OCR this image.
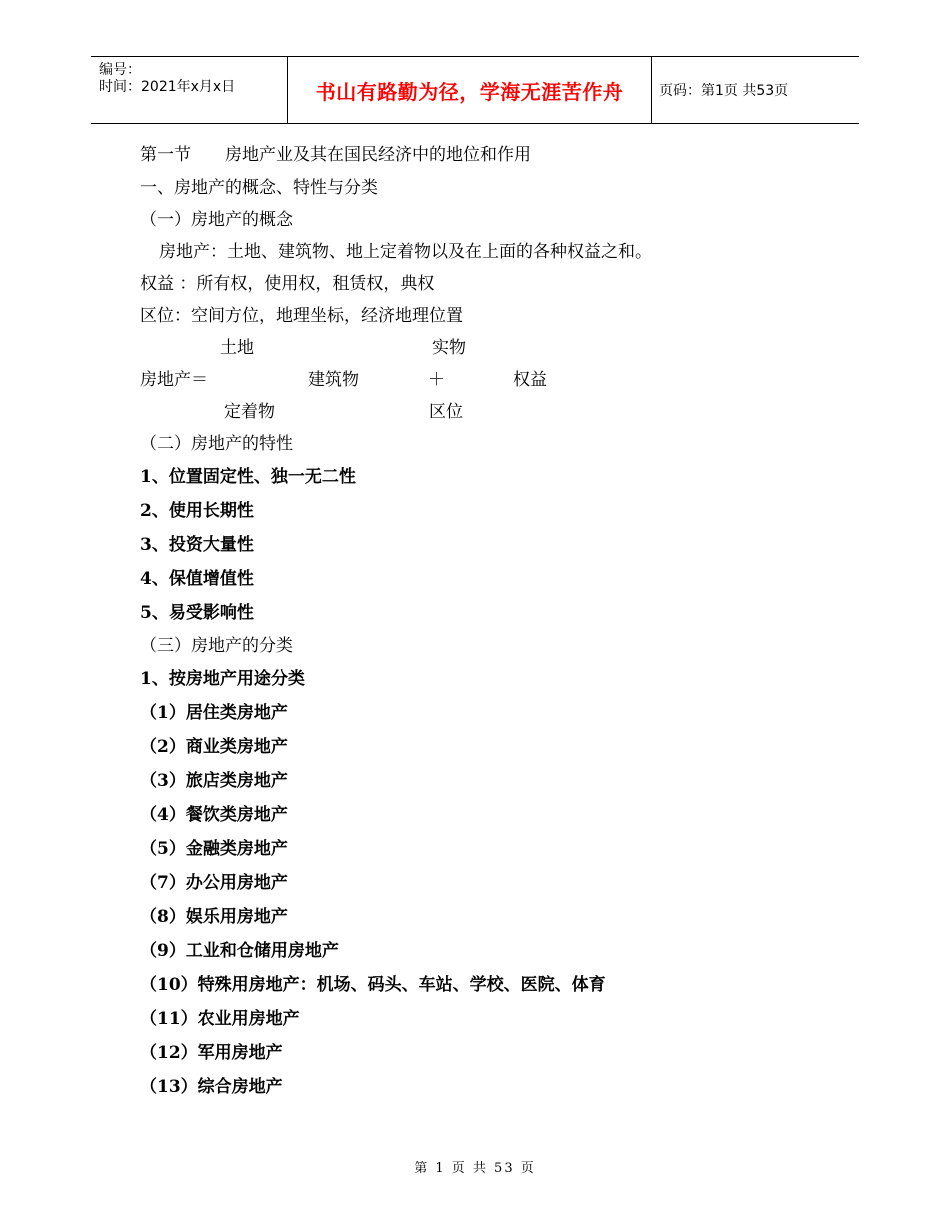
编号：
时间：2021年x月x日	书山有路勤为径，学海无涯苦作舟	页码：第1页 共53页
第一节　　房地产业及其在国民经济中的地位和作用
一、房地产的概念、特性与分类
（一）房地产的概念
房地产：土地、建筑物、地上定着物以及在上面的各种权益之和。
权益 ：所有权，使用权，租赁权，典权
区位：空间方位，地理坐标，经济地理位置
土地	实物
房地产＝	建筑物	＋	权益
定着物	区位
（二）房地产的特性
1、位置固定性、独一无二性
2、使用长期性
3、投资大量性
4、保值增值性
5、易受影响性
（三）房地产的分类
1、按房地产用途分类
（1）居住类房地产
（2）商业类房地产
（3）旅店类房地产
（4）餐饮类房地产
（5）金融类房地产
（7）办公用房地产
（8）娱乐用房地产
（9）工业和仓储用房地产
（10）特殊用房地产：机场、码头、车站、学校、医院、体育
（11）农业用房地产
（12）军用房地产
（13）综合房地产
第 1 页 共 53 页
